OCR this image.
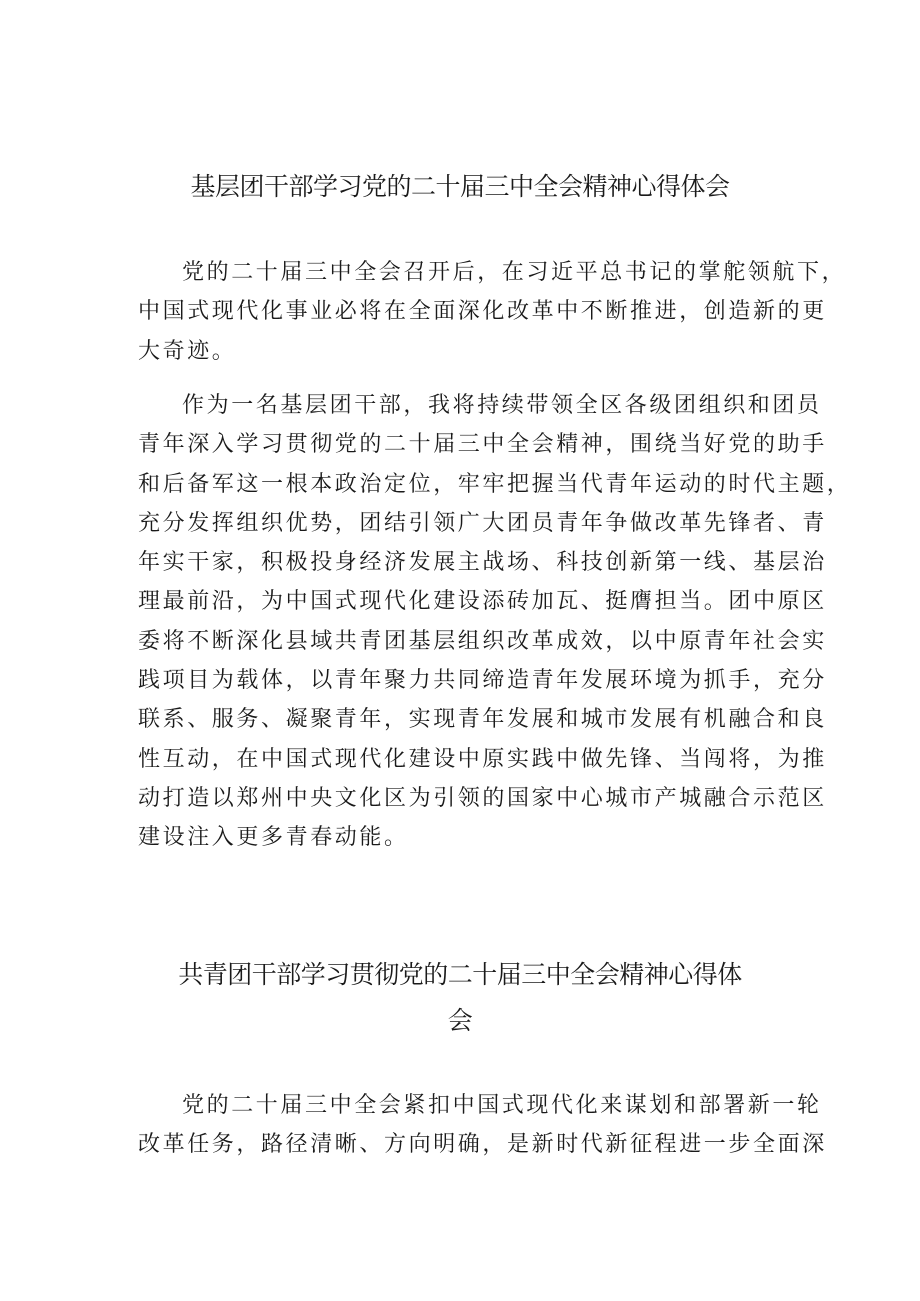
基层团干部学习党的二十届三中全会精神心得体会
党的二十届三中全会召开后，在习近平总书记的掌舵领航下，
中国式现代化事业必将在全面深化改革中不断推进，创造新的更
大奇迹。
作为一名基层团干部，我将持续带领全区各级团组织和团员
青年深入学习贯彻党的二十届三中全会精神，围绕当好党的助手
和后备军这一根本政治定位，牢牢把握当代青年运动的时代主题，
充分发挥组织优势，团结引领广大团员青年争做改革先锋者、青
年实干家，积极投身经济发展主战场、科技创新第一线、基层治
理最前沿，为中国式现代化建设添砖加瓦、挺膺担当。团中原区
委将不断深化县域共青团基层组织改革成效，以中原青年社会实
践项目为载体，以青年聚力共同缔造青年发展环境为抓手，充分
联系、服务、凝聚青年，实现青年发展和城市发展有机融合和良
性互动，在中国式现代化建设中原实践中做先锋、当闯将，为推
动打造以郑州中央文化区为引领的国家中心城市产城融合示范区
建设注入更多青春动能。
共青团干部学习贯彻党的二十届三中全会精神心得体
会
党的二十届三中全会紧扣中国式现代化来谋划和部署新一轮
改革任务，路径清晰、方向明确，是新时代新征程进一步全面深
